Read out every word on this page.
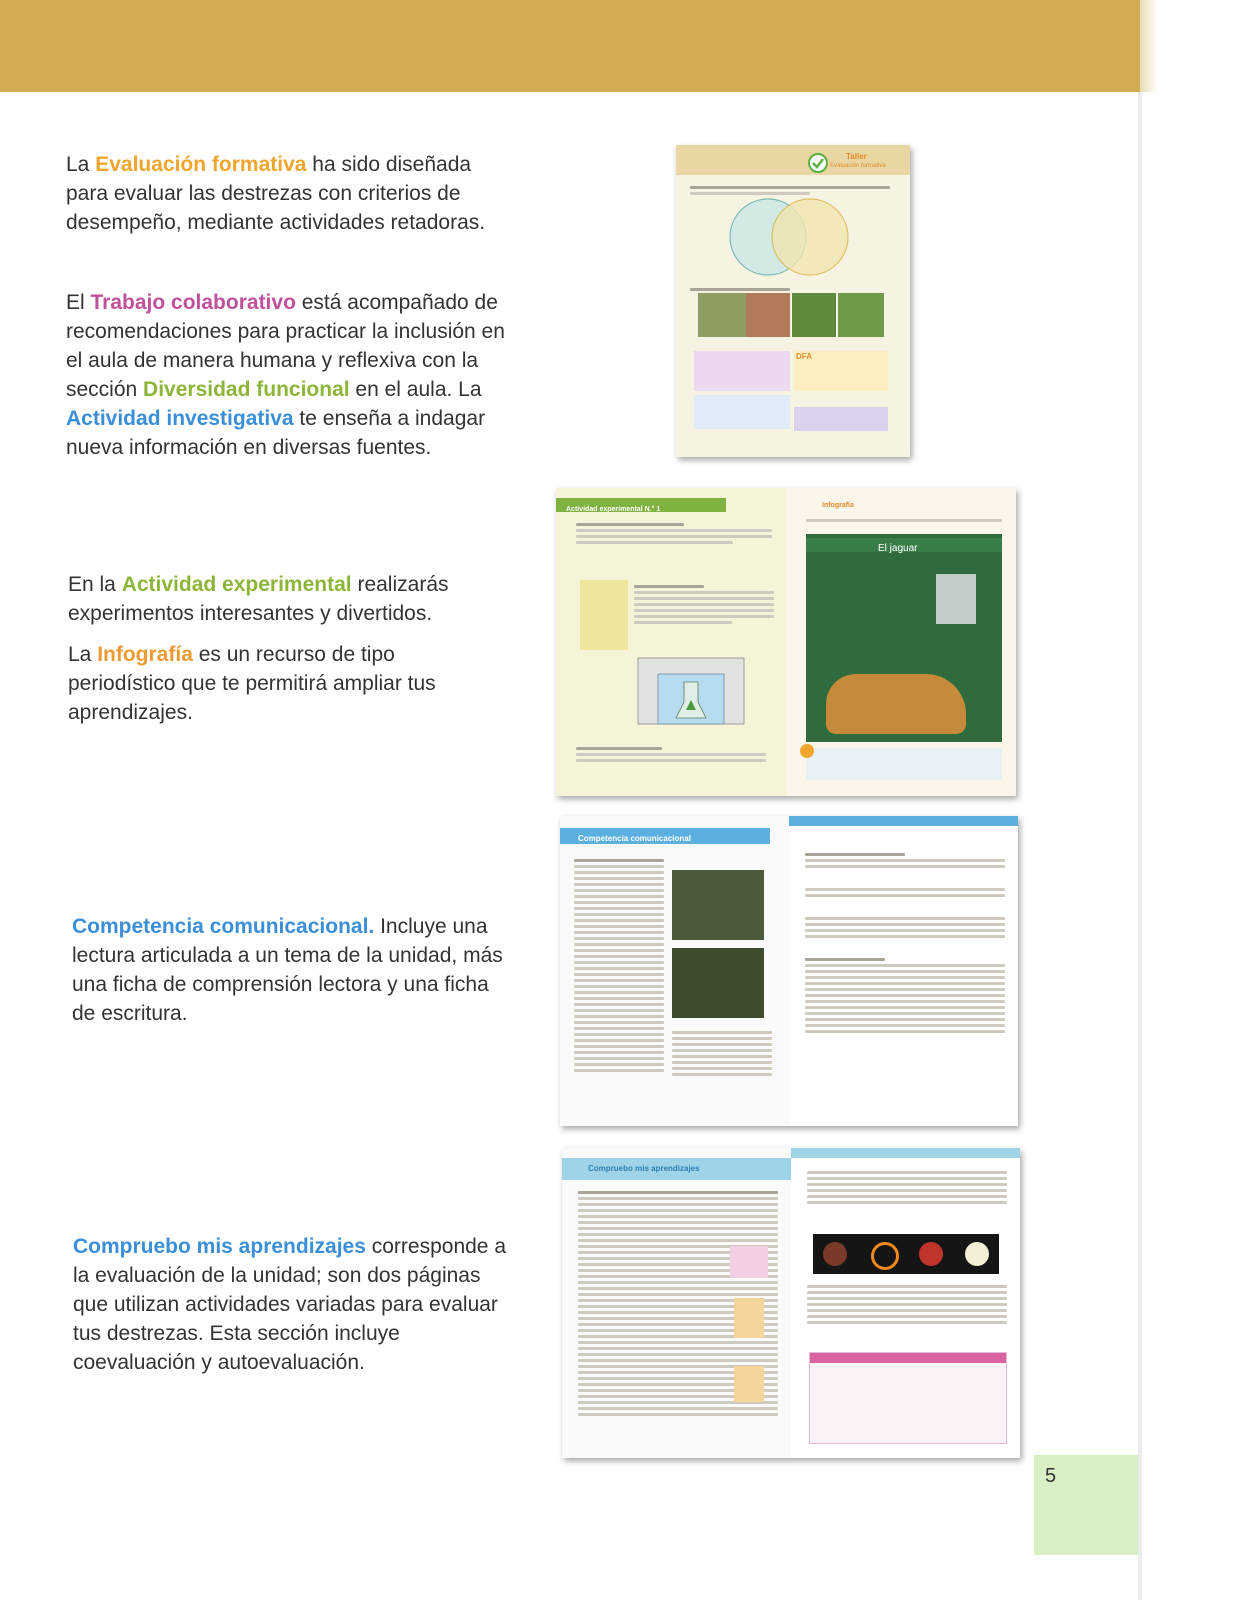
La Evaluación formativa ha sido diseñada para evaluar las destrezas con criterios de desempeño, mediante actividades retadoras.

El Trabajo colaborativo está acompañado de recomendaciones para practicar la inclusión en el aula de manera humana y reflexiva con la sección Diversidad funcional en el aula. La Actividad investigativa te enseña a indagar nueva información en diversas fuentes.

En la Actividad experimental realizarás experimentos interesantes y divertidos.

La Infografía es un recurso de tipo periodístico que te permitirá ampliar tus aprendizajes.

Competencia comunicacional. Incluye una lectura articulada a un tema de la unidad, más una ficha de comprensión lectora y una ficha de escritura.

Compruebo mis aprendizajes corresponde a la evaluación de la unidad; son dos páginas que utilizan actividades variadas para evaluar tus destrezas. Esta sección incluye coevaluación y autoevaluación.

Taller
Evaluación formativa
DFA
Actividad experimental N.° 1
Infografía
El jaguar
Competencia comunicacional
Compruebo mis aprendizajes
5
